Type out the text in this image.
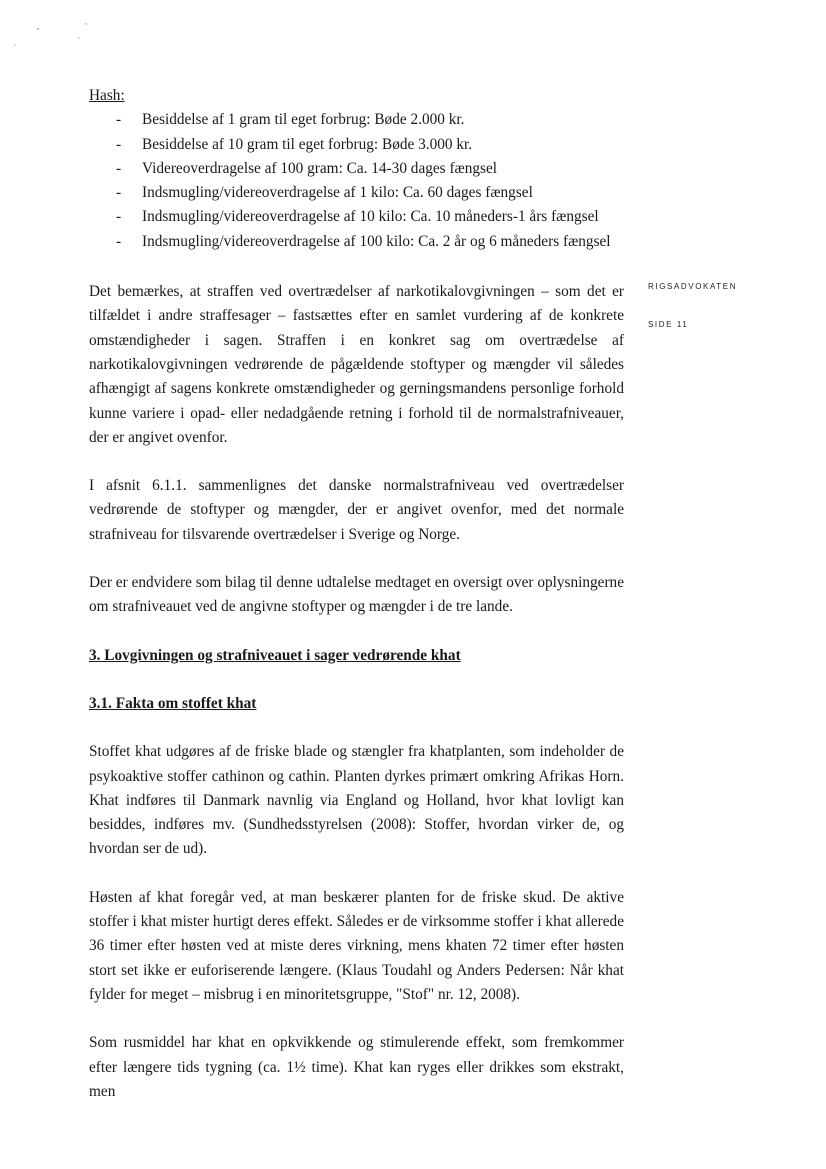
RIGSADVOKATEN
SIDE 11

Hash:

- Besiddelse af 1 gram til eget forbrug: Bøde 2.000 kr.
- Besiddelse af 10 gram til eget forbrug: Bøde 3.000 kr.
- Videreoverdragelse af 100 gram: Ca. 14-30 dages fængsel
- Indsmugling/videreoverdragelse af 1 kilo: Ca. 60 dages fængsel
- Indsmugling/videreoverdragelse af 10 kilo: Ca. 10 måneders-1 års fængsel
- Indsmugling/videreoverdragelse af 100 kilo: Ca. 2 år og 6 måneders fængsel

Det bemærkes, at straffen ved overtrædelser af narkotikalovgivningen – som det er tilfældet i andre straffesager – fastsættes efter en samlet vurdering af de konkrete omstændigheder i sagen. Straffen i en konkret sag om overtrædelse af narkotikalovgivningen vedrørende de pågældende stoftyper og mængder vil således afhængigt af sagens konkrete omstændigheder og gerningsmandens personlige forhold kunne variere i opad- eller nedadgående retning i forhold til de normalstrafniveauer, der er angivet ovenfor.

I afsnit 6.1.1. sammenlignes det danske normalstrafniveau ved overtrædelser vedrørende de stoftyper og mængder, der er angivet ovenfor, med det normale strafniveau for tilsvarende overtrædelser i Sverige og Norge.

Der er endvidere som bilag til denne udtalelse medtaget en oversigt over oplysningerne om strafniveauet ved de angivne stoftyper og mængder i de tre lande.

3. Lovgivningen og strafniveauet i sager vedrørende khat
3.1. Fakta om stoffet khat

Stoffet khat udgøres af de friske blade og stængler fra khatplanten, som indeholder de psykoaktive stoffer cathinon og cathin. Planten dyrkes primært omkring Afrikas Horn. Khat indføres til Danmark navnlig via England og Holland, hvor khat lovligt kan besiddes, indføres mv. (Sundhedsstyrelsen (2008): Stoffer, hvordan virker de, og hvordan ser de ud).

Høsten af khat foregår ved, at man beskærer planten for de friske skud. De aktive stoffer i khat mister hurtigt deres effekt. Således er de virksomme stoffer i khat allerede 36 timer efter høsten ved at miste deres virkning, mens khaten 72 timer efter høsten stort set ikke er euforiserende længere. (Klaus Toudahl og Anders Pedersen: Når khat fylder for meget – misbrug i en minoritetsgruppe, "Stof" nr. 12, 2008).

Som rusmiddel har khat en opkvikkende og stimulerende effekt, som fremkommer efter længere tids tygning (ca. 1½ time). Khat kan ryges eller drikkes som ekstrakt, men
